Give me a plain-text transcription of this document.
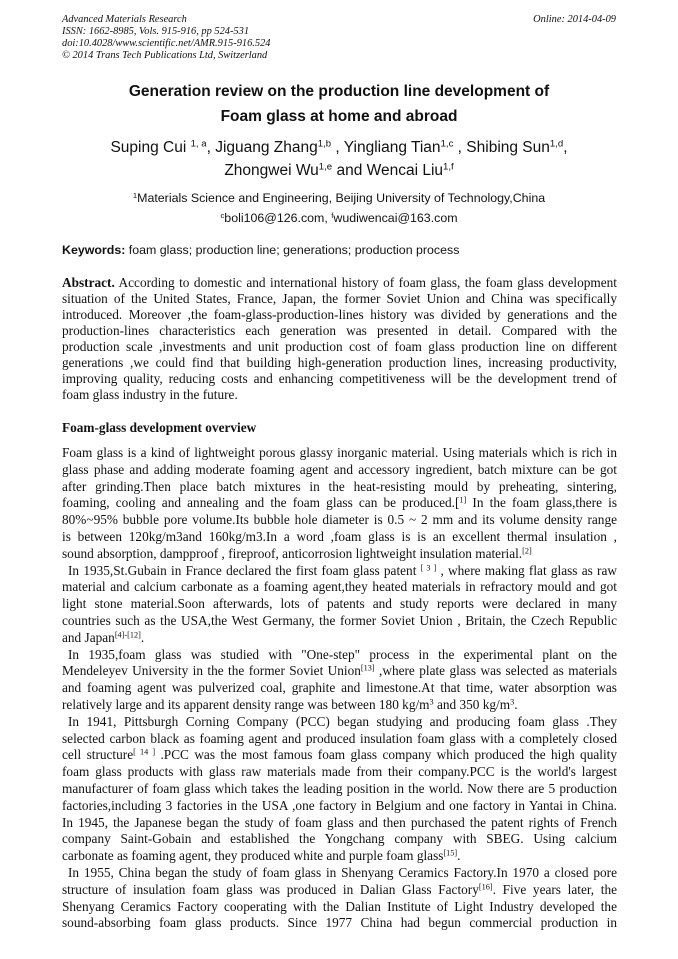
Advanced Materials Research
ISSN: 1662-8985, Vols. 915-916, pp 524-531
doi:10.4028/www.scientific.net/AMR.915-916.524
© 2014 Trans Tech Publications Ltd, Switzerland
Online: 2014-04-09
Generation review on the production line development of
Foam glass at home and abroad
Suping Cui $^{1, a}$, Jiguang Zhang$^{1,b}$ , Yingliang Tian$^{1,c}$ , Shibing Sun$^{1,d}$,
Zhongwei Wu$^{1,e}$ and Wencai Liu$^{1,f}$
$^1$Materials Science and Engineering, Beijing University of Technology,China
$^c$boli106@126.com, $^f$wudiwencai@163.com
Keywords: foam glass; production line; generations; production process
Abstract. According to domestic and international history of foam glass, the foam glass development
situation of the United States, France, Japan, the former Soviet Union and China was specifically
introduced. Moreover ,the foam-glass-production-lines history was divided by generations and the
production-lines characteristics each generation was presented in detail. Compared with the
production scale ,investments and unit production cost of foam glass production line on different
generations ,we could find that building high-generation production lines, increasing productivity,
improving quality, reducing costs and enhancing competitiveness will be the development trend of
foam glass industry in the future.
Foam-glass development overview
Foam glass is a kind of lightweight porous glassy inorganic material. Using materials which is rich in
glass phase and adding moderate foaming agent and accessory ingredient, batch mixture can be got
after grinding.Then place batch mixtures in the heat-resisting mould by preheating, sintering,
foaming, cooling and annealing and the foam glass can be produced.[$^{1]}$ In the foam glass,there is
80%~95% bubble pore volume.Its bubble hole diameter is 0.5 ~ 2 mm and its volume density range
is between 120kg/m3and 160kg/m3.In a word ,foam glass is is an excellent thermal insulation ,
sound absorption, dampproof , fireproof, anticorrosion lightweight insulation material.[2]
In 1935,St.Gubain in France declared the first foam glass patent [ 3 ] , where making flat glass as raw
material and calcium carbonate as a foaming agent,they heated materials in refractory mould and got
light stone material.Soon afterwards, lots of patents and study reports were declared in many
countries such as the USA,the West Germany, the former Soviet Union , Britain, the Czech Republic
and Japan[4]-[12].
In 1935,foam glass was studied with "One-step" process in the experimental plant on the
Mendeleyev University in the the former Soviet Union[13] ,where plate glass was selected as materials
and foaming agent was pulverized coal, graphite and limestone.At that time, water absorption was
relatively large and its apparent density range was between 180 $kg/m^3$ and 350 $kg/m^3$.
In 1941, Pittsburgh Corning Company (PCC) began studying and producing foam glass .They
selected carbon black as foaming agent and produced insulation foam glass with a completely closed
cell structure[ 14 ] .PCC was the most famous foam glass company which produced the high quality
foam glass products with glass raw materials made from their company.PCC is the world's largest
manufacturer of foam glass which takes the leading position in the world. Now there are 5 production
factories,including 3 factories in the USA ,one factory in Belgium and one factory in Yantai in China.
In 1945, the Japanese began the study of foam glass and then purchased the patent rights of French
company Saint-Gobain and established the Yongchang company with SBEG. Using calcium
carbonate as foaming agent, they produced white and purple foam glass[15].
In 1955, China began the study of foam glass in Shenyang Ceramics Factory.In 1970 a closed pore
structure of insulation foam glass was produced in Dalian Glass Factory[16]. Five years later, the
Shenyang Ceramics Factory cooperating with the Dalian Institute of Light Industry developed the
sound-absorbing foam glass products. Since 1977 China had begun commercial production in
